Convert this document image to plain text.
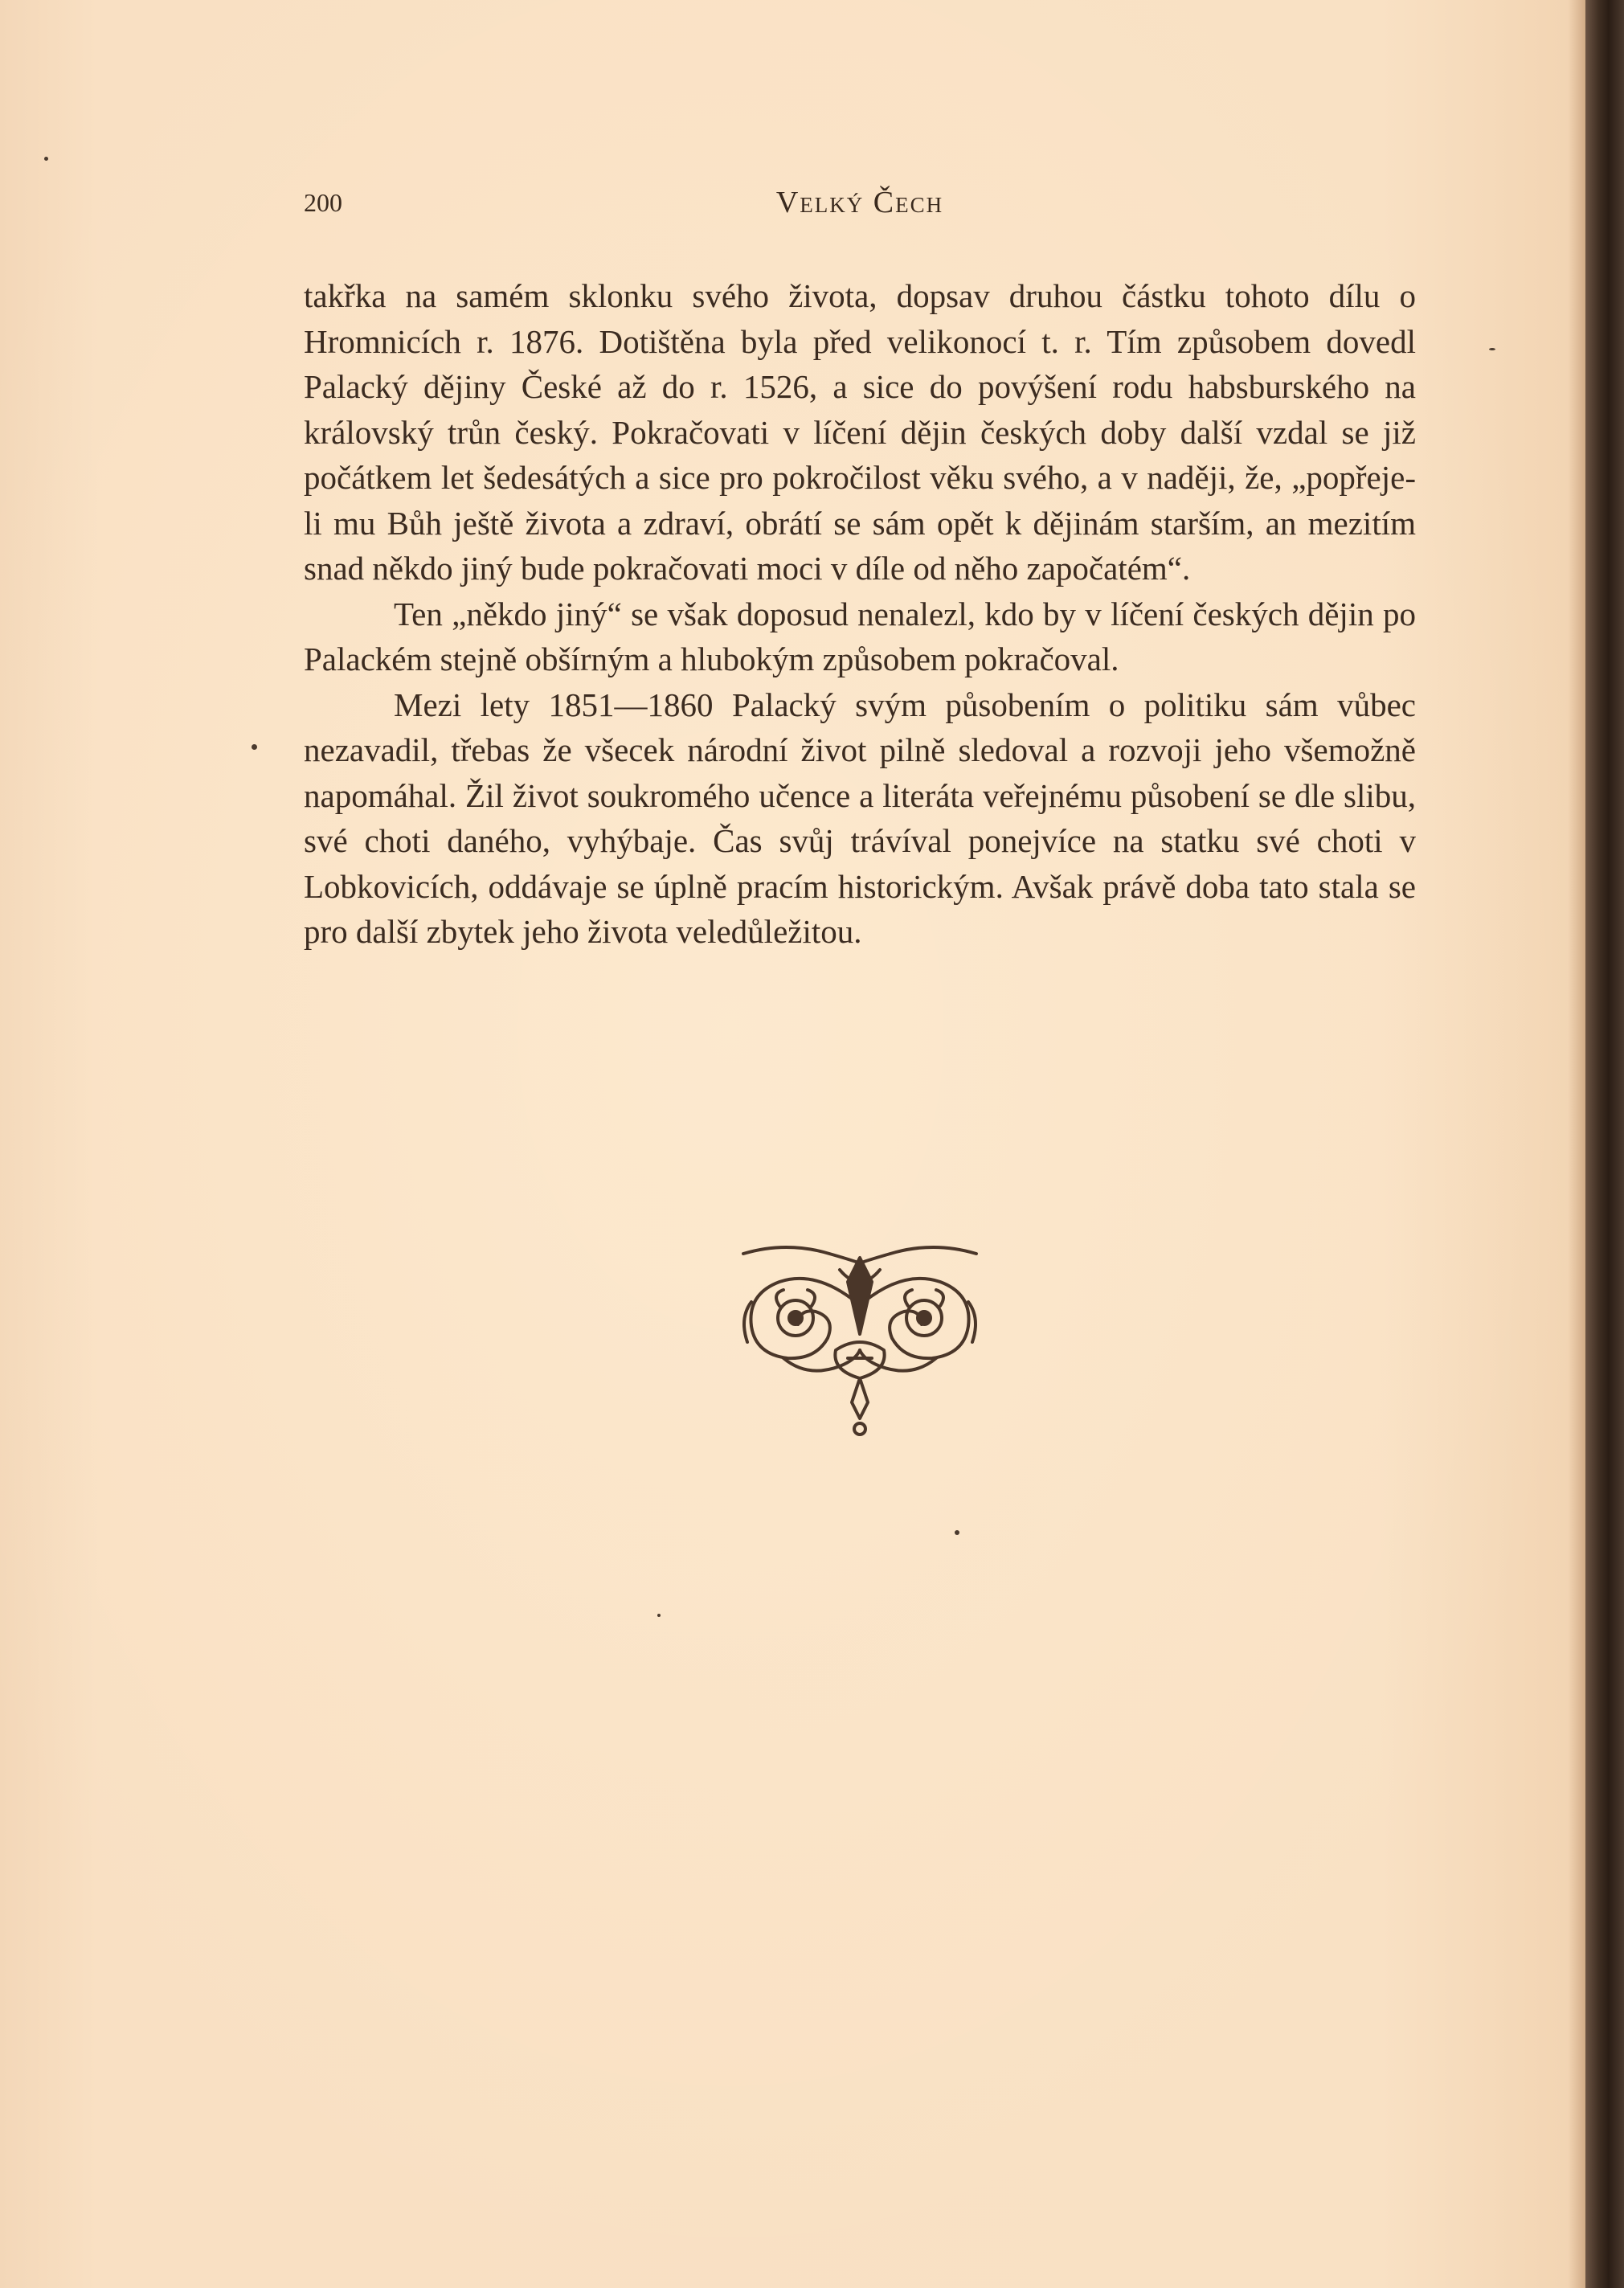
200	Velký Čech

takřka na samém sklonku svého života, dopsav druhou částku tohoto dílu o Hromnicích r. 1876. Dotištěna byla před velikonocí t. r. Tím způsobem dovedl Palacký dějiny České až do r. 1526, a sice do povýšení rodu habsburského na královský trůn český. Pokračovati v líčení dějin českých doby další vzdal se již počátkem let šedesátých a sice pro pokročilost věku svého, a v naději, že, „popřeje-li mu Bůh ještě života a zdraví, obrátí se sám opět k dějinám starším, an mezitím snad někdo jiný bude pokračovati moci v díle od něho započatém“.

Ten „někdo jiný“ se však doposud nenalezl, kdo by v líčení českých dějin po Palackém stejně obšírným a hlubokým způsobem pokračoval.

Mezi lety 1851—1860 Palacký svým působením o politiku sám vůbec nezavadil, třebas že všecek národní život pilně sledoval a rozvoji jeho všemožně napomáhal. Žil život soukromého učence a literáta veřejnému působení se dle slibu, své choti daného, vyhýbaje. Čas svůj trávíval ponejvíce na statku své choti v Lobkovicích, oddávaje se úplně pracím historickým. Avšak právě doba tato stala se pro další zbytek jeho života veledůležitou.
